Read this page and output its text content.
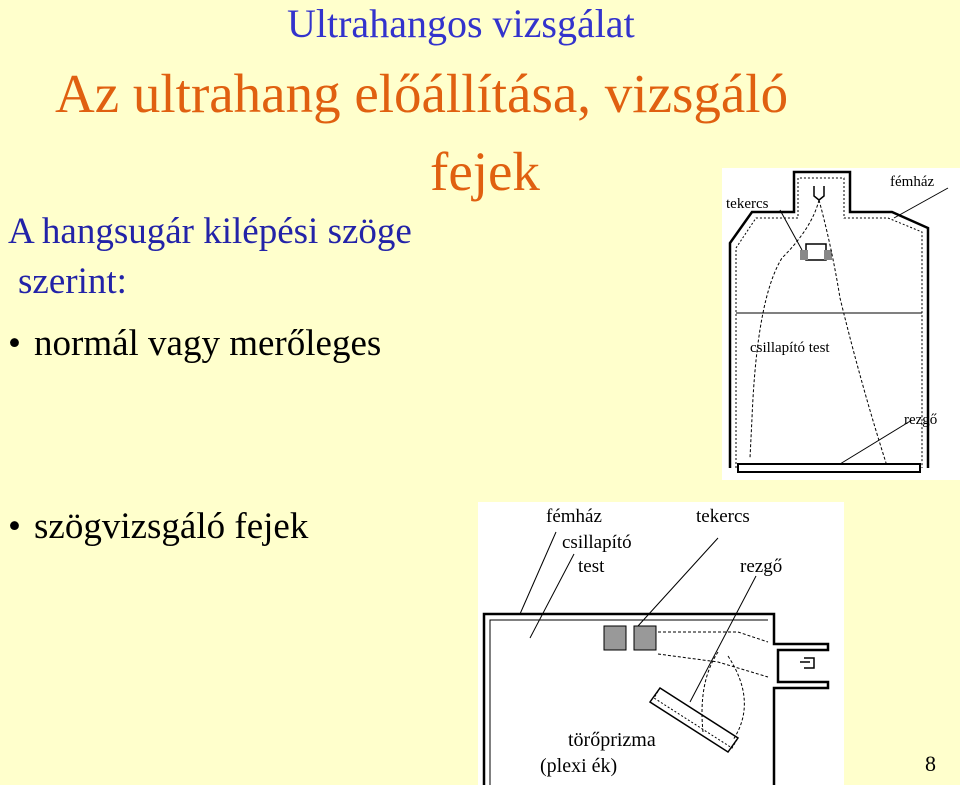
Ultrahangos vizsgálat
Az ultrahang előállítása, vizsgáló
fejek
A hangsugár kilépési szöge
szerint:
• normál vagy merőleges
• szögvizsgáló fejek
fémház
tekercs
csillapító test
rezgő
fémház
csillapító
test
tekercs
rezgő
törőprizma
(plexi ék)	8
